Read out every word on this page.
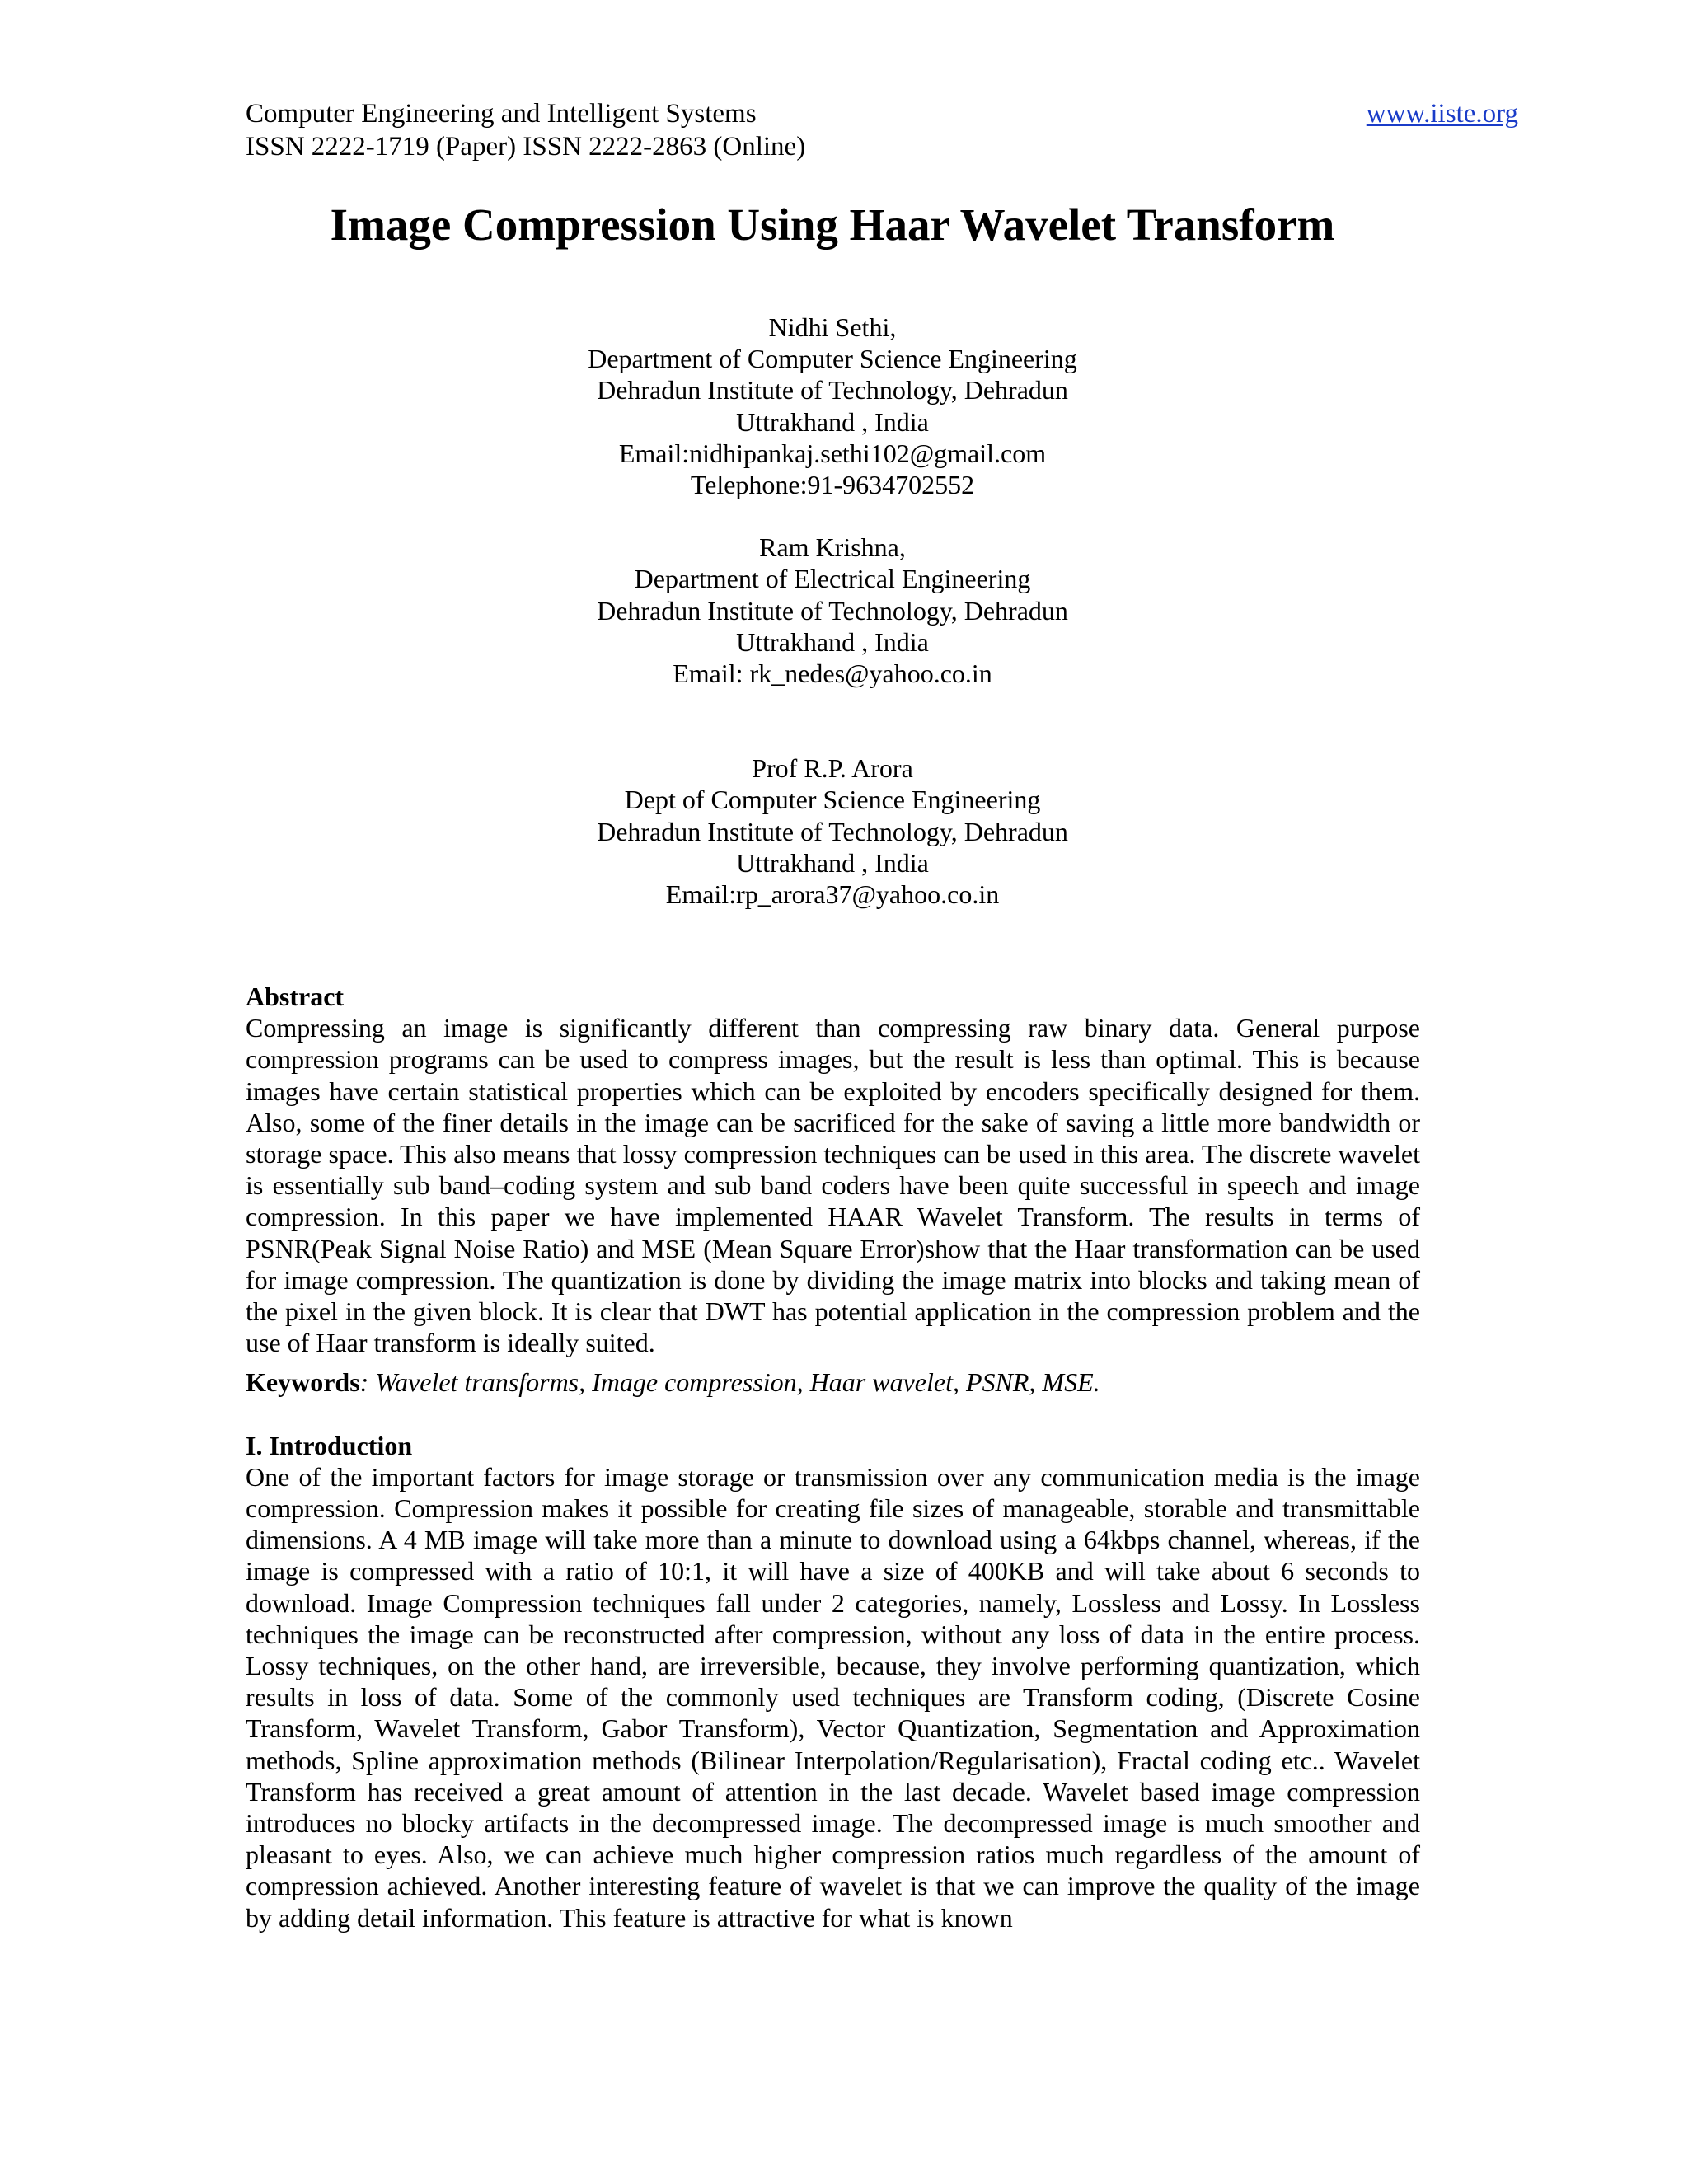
Computer Engineering and Intelligent Systems	www.iiste.org
ISSN 2222-1719 (Paper) ISSN 2222-2863 (Online)
Image Compression Using Haar Wavelet Transform
Nidhi Sethi,
Department of Computer Science Engineering
Dehradun Institute of Technology, Dehradun
Uttrakhand , India
Email:nidhipankaj.sethi102@gmail.com
Telephone:91-9634702552
Ram Krishna,
Department of Electrical Engineering
Dehradun Institute of Technology, Dehradun
Uttrakhand , India
Email: rk_nedes@yahoo.co.in
Prof R.P. Arora
Dept of Computer Science Engineering
Dehradun Institute of Technology, Dehradun
Uttrakhand , India
Email:rp_arora37@yahoo.co.in
Abstract

Compressing an image is significantly different than compressing raw binary data. General purpose compression programs can be used to compress images, but the result is less than optimal. This is because images have certain statistical properties which can be exploited by encoders specifically designed for them. Also, some of the finer details in the image can be sacrificed for the sake of saving a little more bandwidth or storage space. This also means that lossy compression techniques can be used in this area. The discrete wavelet is essentially sub band–coding system and sub band coders have been quite successful in speech and image compression. In this paper we have implemented HAAR Wavelet Transform. The results in terms of PSNR(Peak Signal Noise Ratio) and MSE (Mean Square Error)show that the Haar transformation can be used for image compression. The quantization is done by dividing the image matrix into blocks and taking mean of the pixel in the given block. It is clear that DWT has potential application in the compression problem and the use of Haar transform is ideally suited.

Keywords: Wavelet transforms, Image compression, Haar wavelet, PSNR, MSE.

I. Introduction

One of the important factors for image storage or transmission over any communication media is the image compression. Compression makes it possible for creating file sizes of manageable, storable and transmittable dimensions. A 4 MB image will take more than a minute to download using a 64kbps channel, whereas, if the image is compressed with a ratio of 10:1, it will have a size of 400KB and will take about 6 seconds to download. Image Compression techniques fall under 2 categories, namely, Lossless and Lossy. In Lossless techniques the image can be reconstructed after compression, without any loss of data in the entire process. Lossy techniques, on the other hand, are irreversible, because, they involve performing quantization, which results in loss of data. Some of the commonly used techniques are Transform coding, (Discrete Cosine Transform, Wavelet Transform, Gabor Transform), Vector Quantization, Segmentation and Approximation methods, Spline approximation methods (Bilinear Interpolation/Regularisation), Fractal coding etc.. Wavelet Transform has received a great amount of attention in the last decade. Wavelet based image compression introduces no blocky artifacts in the decompressed image. The decompressed image is much smoother and pleasant to eyes. Also, we can achieve much higher compression ratios much regardless of the amount of compression achieved. Another interesting feature of wavelet is that we can improve the quality of the image by adding detail information. This feature is attractive for what is known
